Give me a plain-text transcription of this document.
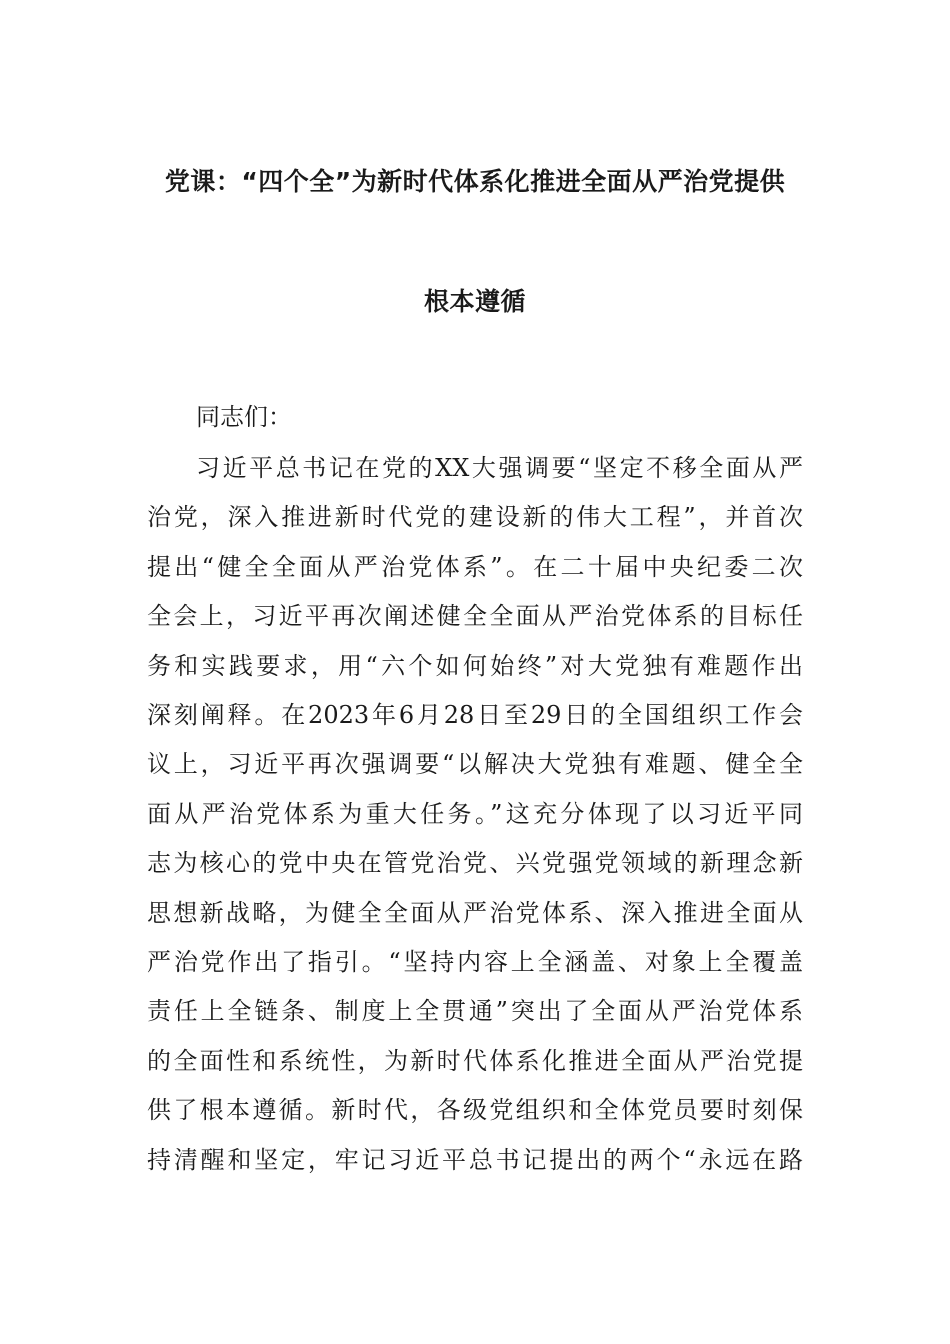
党课：“四个全”为新时代体系化推进全面从严治党提供
根本遵循
同志们：
习近平总书记在党的XX大强调要“坚定不移全面从严
治党，深入推进新时代党的建设新的伟大工程”，并首次
提出“健全全面从严治党体系”。在二十届中央纪委二次
全会上，习近平再次阐述健全全面从严治党体系的目标任
务和实践要求，用“六个如何始终”对大党独有难题作出
深刻阐释。在2023年6月28日至29日的全国组织工作会
议上，习近平再次强调要“以解决大党独有难题、健全全
面从严治党体系为重大任务。”这充分体现了以习近平同
志为核心的党中央在管党治党、兴党强党领域的新理念新
思想新战略，为健全全面从严治党体系、深入推进全面从
严治党作出了指引。“坚持内容上全涵盖、对象上全覆盖
责任上全链条、制度上全贯通”突出了全面从严治党体系
的全面性和系统性，为新时代体系化推进全面从严治党提
供了根本遵循。新时代，各级党组织和全体党员要时刻保
持清醒和坚定，牢记习近平总书记提出的两个“永远在路
